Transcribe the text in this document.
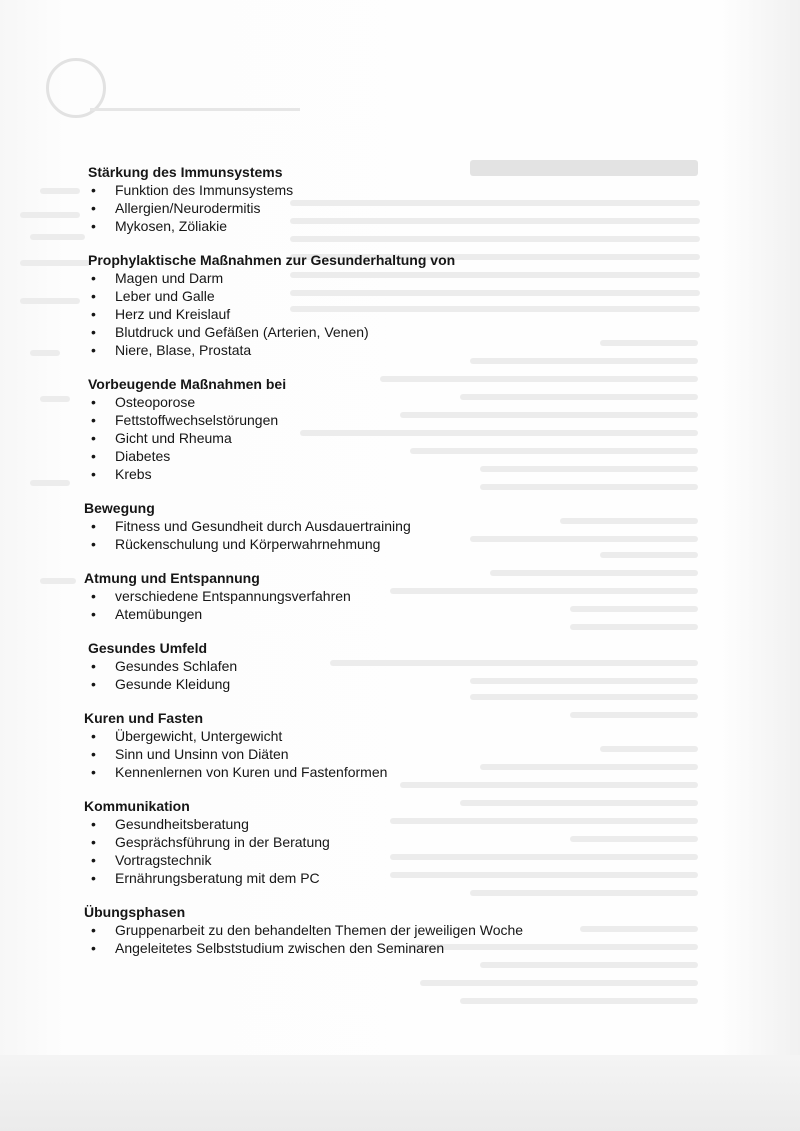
Stärkung des Immunsystems

• Funktion des Immunsystems
• Allergien/Neurodermitis
• Mykosen, Zöliakie

Prophylaktische Maßnahmen zur Gesunderhaltung von

• Magen und Darm
• Leber und Galle
• Herz und Kreislauf
• Blutdruck und Gefäßen (Arterien, Venen)
• Niere, Blase, Prostata

Vorbeugende Maßnahmen bei

• Osteoporose
• Fettstoffwechselstörungen
• Gicht und Rheuma
• Diabetes
• Krebs

Bewegung

• Fitness und Gesundheit durch Ausdauertraining
• Rückenschulung und Körperwahrnehmung

Atmung und Entspannung

• verschiedene Entspannungsverfahren
• Atemübungen

Gesundes Umfeld

• Gesundes Schlafen
• Gesunde Kleidung

Kuren und Fasten

• Übergewicht, Untergewicht
• Sinn und Unsinn von Diäten
• Kennenlernen von Kuren und Fastenformen

Kommunikation

• Gesundheitsberatung
• Gesprächsführung in der Beratung
• Vortragstechnik
• Ernährungsberatung mit dem PC

Übungsphasen

• Gruppenarbeit zu den behandelten Themen der jeweiligen Woche
• Angeleitetes Selbststudium zwischen den Seminaren
